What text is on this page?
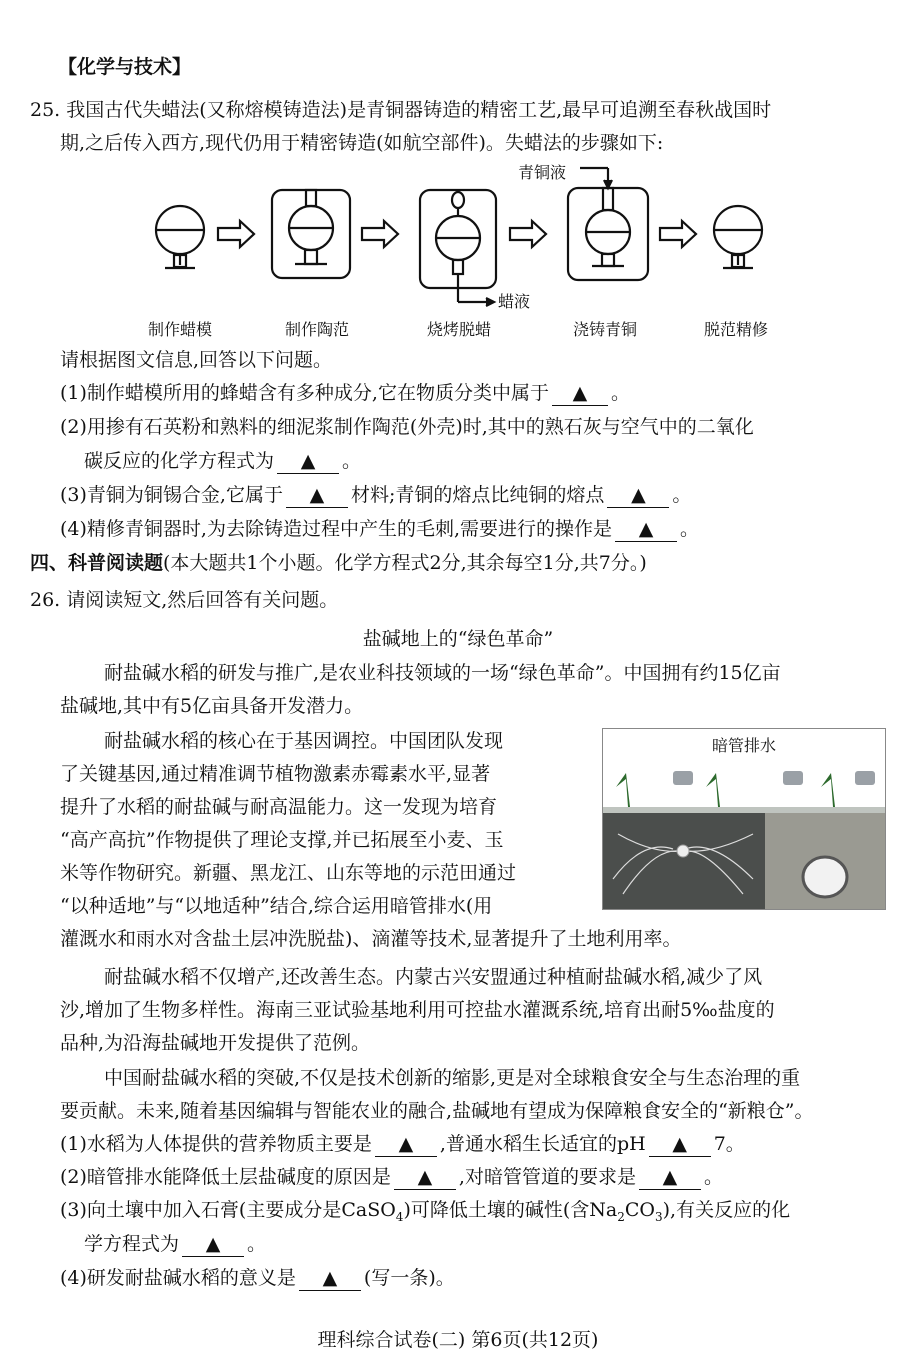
【化学与技术】
25. 我国古代失蜡法(又称熔模铸造法)是青铜器铸造的精密工艺,最早可追溯至春秋战国时
期,之后传入西方,现代仍用于精密铸造(如航空部件)。失蜡法的步骤如下:
青铜液
蜡液
制作蜡模	制作陶范	烧烤脱蜡	浇铸青铜	脱范精修
请根据图文信息,回答以下问题。
(1)制作蜡模所用的蜂蜡含有多种成分,它在物质分类中属于 ▲ 。
(2)用掺有石英粉和熟料的细泥浆制作陶范(外壳)时,其中的熟石灰与空气中的二氧化
碳反应的化学方程式为 ▲ 。
(3)青铜为铜锡合金,它属于 ▲ 材料;青铜的熔点比纯铜的熔点 ▲ 。
(4)精修青铜器时,为去除铸造过程中产生的毛刺,需要进行的操作是 ▲ 。
四、科普阅读题(本大题共1个小题。化学方程式2分,其余每空1分,共7分。)
26. 请阅读短文,然后回答有关问题。
盐碱地上的“绿色革命”
耐盐碱水稻的研发与推广,是农业科技领域的一场“绿色革命”。中国拥有约15亿亩
盐碱地,其中有5亿亩具备开发潜力。
耐盐碱水稻的核心在于基因调控。中国团队发现
了关键基因,通过精准调节植物激素赤霉素水平,显著
提升了水稻的耐盐碱与耐高温能力。这一发现为培育
“高产高抗”作物提供了理论支撑,并已拓展至小麦、玉
米等作物研究。新疆、黑龙江、山东等地的示范田通过
“以种适地”与“以地适种”结合,综合运用暗管排水(用
灌溉水和雨水对含盐土层冲洗脱盐)、滴灌等技术,显著提升了土地利用率。
暗管排水
耐盐碱水稻不仅增产,还改善生态。内蒙古兴安盟通过种植耐盐碱水稻,减少了风
沙,增加了生物多样性。海南三亚试验基地利用可控盐水灌溉系统,培育出耐5‰盐度的
品种,为沿海盐碱地开发提供了范例。
中国耐盐碱水稻的突破,不仅是技术创新的缩影,更是对全球粮食安全与生态治理的重
要贡献。未来,随着基因编辑与智能农业的融合,盐碱地有望成为保障粮食安全的“新粮仓”。
(1)水稻为人体提供的营养物质主要是 ▲ ,普通水稻生长适宜的pH ▲ 7。
(2)暗管排水能降低土层盐碱度的原因是 ▲ ,对暗管管道的要求是 ▲ 。
(3)向土壤中加入石膏(主要成分是CaSO$_4$)可降低土壤的碱性(含$Na_2CO_3$),有关反应的化
学方程式为 ▲ 。
(4)研发耐盐碱水稻的意义是 ▲ (写一条)。
理科综合试卷(二) 第6页(共12页)
